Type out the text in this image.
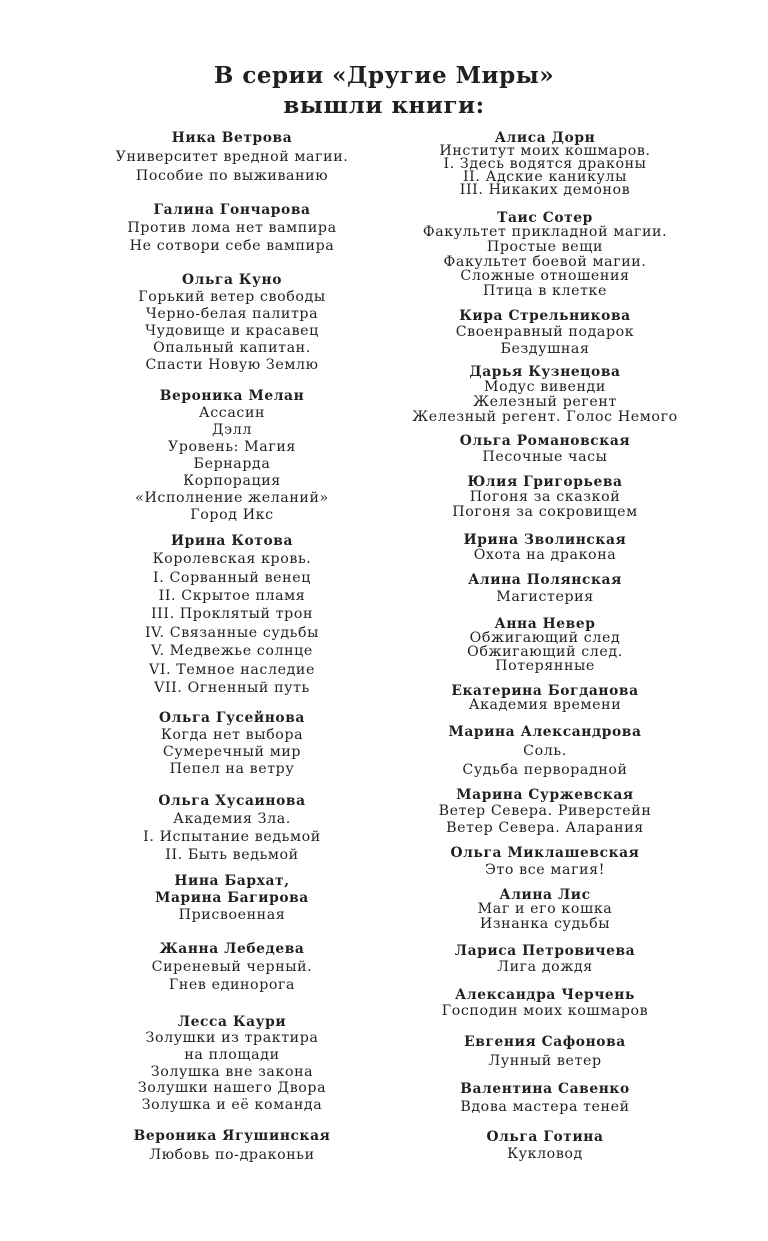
В серии «Другие Миры»
вышли книги:
Ника Ветрова
Университет вредной магии.
Пособие по выживанию
Галина Гончарова
Против лома нет вампира
Не сотвори себе вампира
Ольга Куно
Горький ветер свободы
Черно-белая палитра
Чудовище и красавец
Опальный капитан.
Спасти Новую Землю
Вероника Мелан
Ассасин
Дэлл
Уровень: Магия
Бернарда
Корпорация
«Исполнение желаний»
Город Икс
Ирина Котова
Королевская кровь.
I. Сорванный венец
II. Скрытое пламя
III. Проклятый трон
IV. Связанные судьбы
V. Медвежье солнце
VI. Темное наследие
VII. Огненный путь
Ольга Гусейнова
Когда нет выбора
Сумеречный мир
Пепел на ветру
Ольга Хусаинова
Академия Зла.
I. Испытание ведьмой
II. Быть ведьмой
Нина Бархат,
Марина Багирова
Присвоенная
Жанна Лебедева
Сиреневый черный.
Гнев единорога
Лесса Каури
Золушки из трактира
на площади
Золушка вне закона
Золушки нашего Двора
Золушка и её команда
Вероника Ягушинская
Любовь по-драконьи
Алиса Дорн
Институт моих кошмаров.
I. Здесь водятся драконы
II. Адские каникулы
III. Никаких демонов
Таис Сотер
Факультет прикладной магии.
Простые вещи
Факультет боевой магии.
Сложные отношения
Птица в клетке
Кира Стрельникова
Своенравный подарок
Бездушная
Дарья Кузнецова
Модус вивенди
Железный регент
Железный регент. Голос Немого
Ольга Романовская
Песочные часы
Юлия Григорьева
Погоня за сказкой
Погоня за сокровищем
Ирина Зволинская
Охота на дракона
Алина Полянская
Магистерия
Анна Невер
Обжигающий след
Обжигающий след.
Потерянные
Екатерина Богданова
Академия времени
Марина Александрова
Соль.
Судьба перворадной
Марина Суржевская
Ветер Севера. Риверстейн
Ветер Севера. Аларания
Ольга Миклашевская
Это все магия!
Алина Лис
Маг и его кошка
Изнанка судьбы
Лариса Петровичева
Лига дождя
Александра Черчень
Господин моих кошмаров
Евгения Сафонова
Лунный ветер
Валентина Савенко
Вдова мастера теней
Ольга Готина
Кукловод
